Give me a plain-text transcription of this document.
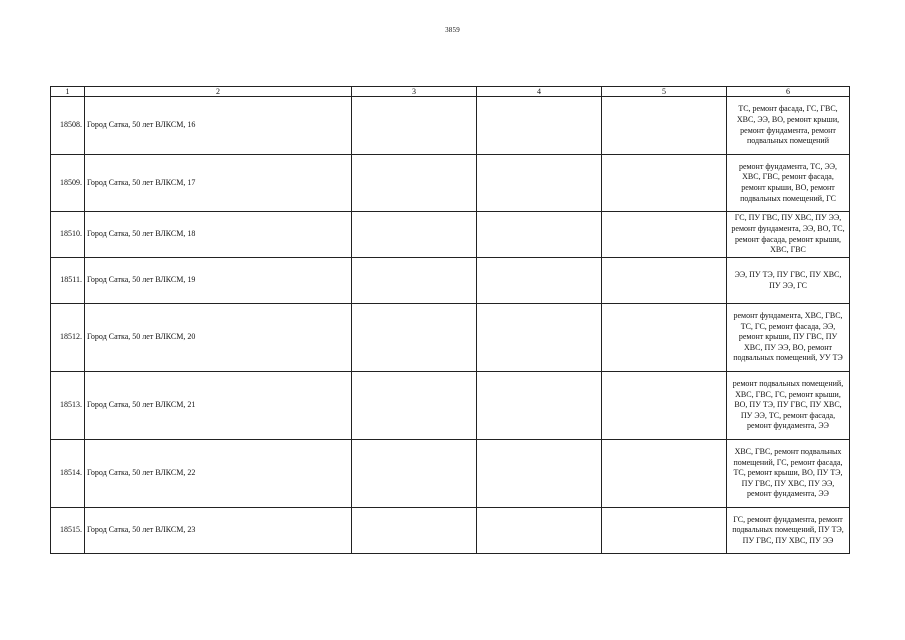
3859
1	2	3	4	5	6
18508.	Город Сатка, 50 лет ВЛКСМ, 16				ТС, ремонт фасада, ГС, ГВС, ХВС, ЭЭ, ВО, ремонт крыши, ремонт фундамента, ремонт подвальных помещений
18509.	Город Сатка, 50 лет ВЛКСМ, 17				ремонт фундамента, ТС, ЭЭ, ХВС, ГВС, ремонт фасада, ремонт крыши, ВО, ремонт подвальных помещений, ГС
18510.	Город Сатка, 50 лет ВЛКСМ, 18				ГС, ПУ ГВС, ПУ ХВС, ПУ ЭЭ, ремонт фундамента, ЭЭ, ВО, ТС, ремонт фасада, ремонт крыши, ХВС, ГВС
18511.	Город Сатка, 50 лет ВЛКСМ, 19				ЭЭ, ПУ ТЭ, ПУ ГВС, ПУ ХВС, ПУ ЭЭ, ГС
18512.	Город Сатка, 50 лет ВЛКСМ, 20				ремонт фундамента, ХВС, ГВС, ТС, ГС, ремонт фасада, ЭЭ, ремонт крыши, ПУ ГВС, ПУ ХВС, ПУ ЭЭ, ВО, ремонт подвальных помещений, УУ ТЭ
18513.	Город Сатка, 50 лет ВЛКСМ, 21				ремонт подвальных помещений, ХВС, ГВС, ГС, ремонт крыши, ВО, ПУ ТЭ, ПУ ГВС, ПУ ХВС, ПУ ЭЭ, ТС, ремонт фасада, ремонт фундамента, ЭЭ
18514.	Город Сатка, 50 лет ВЛКСМ, 22				ХВС, ГВС, ремонт подвальных помещений, ГС, ремонт фасада, ТС, ремонт крыши, ВО, ПУ ТЭ, ПУ ГВС, ПУ ХВС, ПУ ЭЭ, ремонт фундамента, ЭЭ
18515.	Город Сатка, 50 лет ВЛКСМ, 23				ГС, ремонт фундамента, ремонт подвальных помещений, ПУ ТЭ, ПУ ГВС, ПУ ХВС, ПУ ЭЭ
